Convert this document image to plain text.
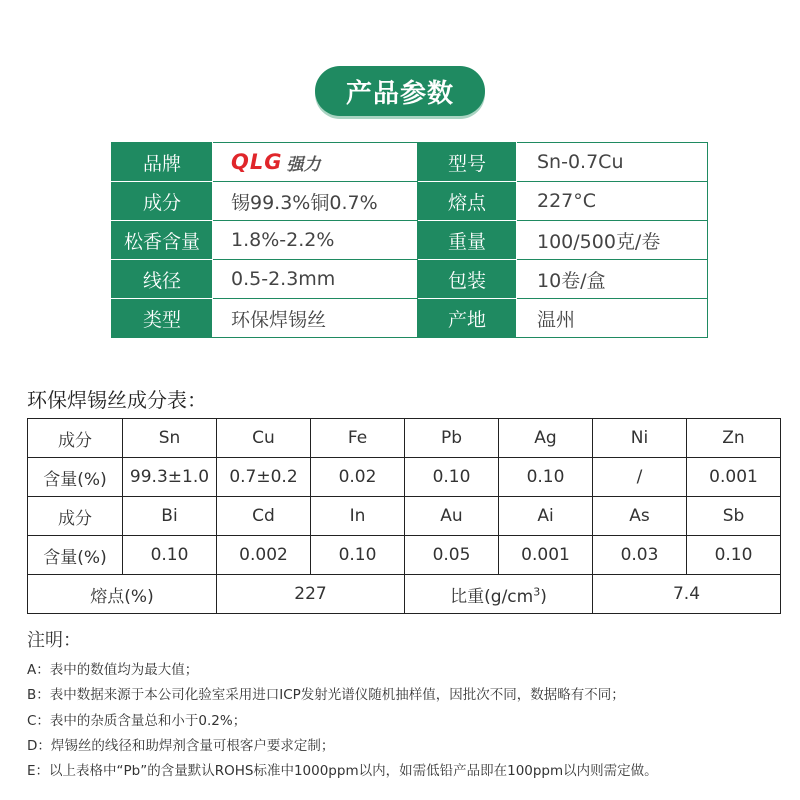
产品参数
品牌	QLG 强力	型号	Sn-0.7Cu
成分	锡99.3%铜0.7%	熔点	227°C
松香含量	1.8%-2.2%	重量	100/500克/卷
线径	0.5-2.3mm	包装	10卷/盒
类型	环保焊锡丝	产地	温州
环保焊锡丝成分表：
成分	Sn	Cu	Fe	Pb	Ag	Ni	Zn
含量(%)	99.3±1.0	0.7±0.2	0.02	0.10	0.10	/	0.001
成分	Bi	Cd	In	Au	Ai	As	Sb
含量(%)	0.10	0.002	0.10	0.05	0.001	0.03	0.10
熔点(%)		227		比重$(g/cm^3)$		7.4	
注明：
A：表中的数值均为最大值；
B：表中数据来源于本公司化验室采用进口ICP发射光谱仪随机抽样值，因批次不同，数据略有不同；
C：表中的杂质含量总和小于0.2%；
D：焊锡丝的线径和助焊剂含量可根客户要求定制；
E：以上表格中“Pb”的含量默认ROHS标准中1000ppm以内，如需低铅产品即在100ppm以内则需定做。
